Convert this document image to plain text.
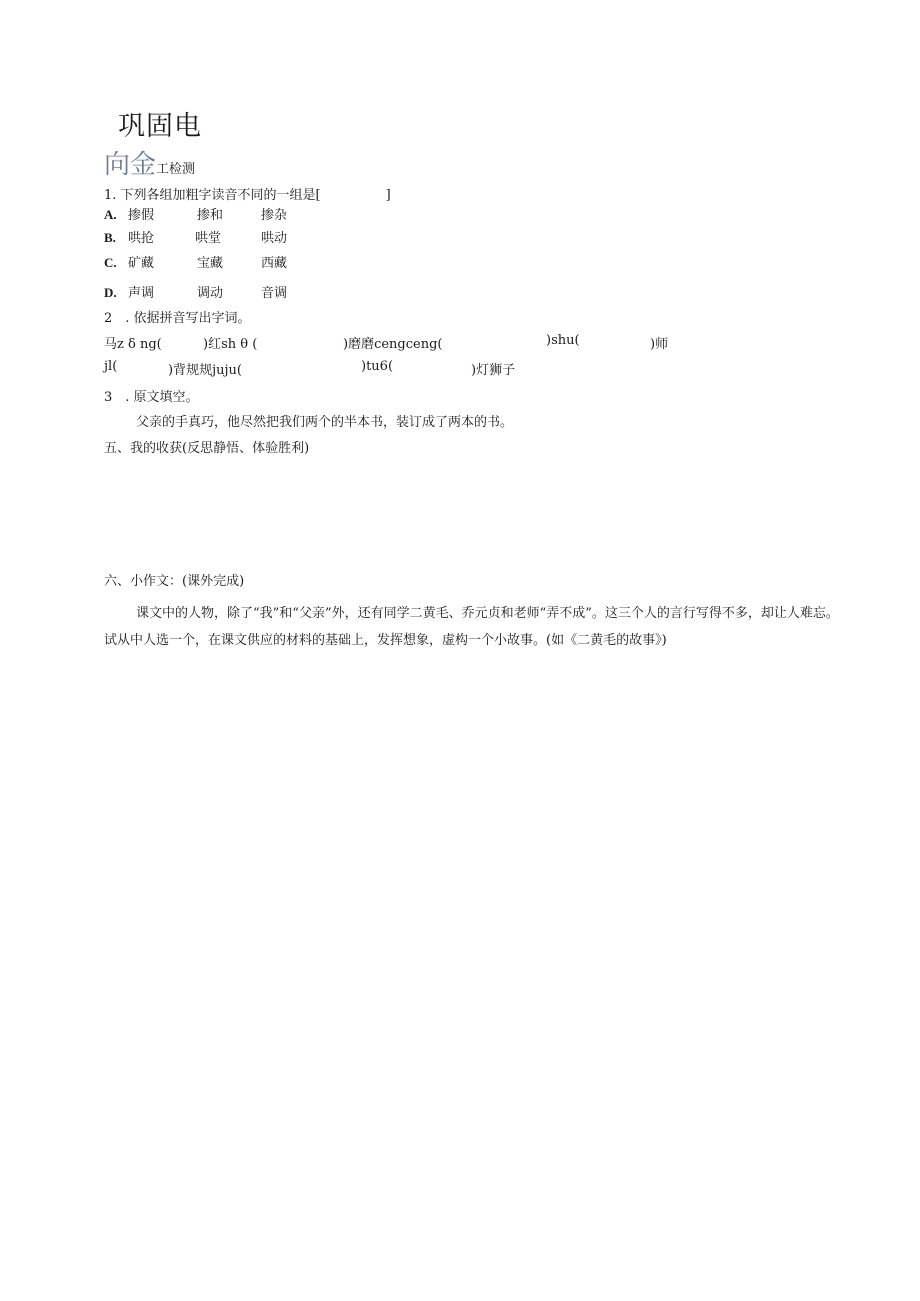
巩固电
向金工检测
1. 下列各组加粗字读音不同的一组是[　　　　　]
A. 掺假	掺和	掺杂
B. 哄抢	哄堂	哄动
C. 矿藏	宝藏	西藏
D. 声调	调动	音调
2　. 依据拼音写出字词。
马z δ ng(	)红sh θ (	)磨磨cengceng(	)shu(	)师
jl(	)背规规juju(	)tu6(	)灯狮子
3　. 原文填空。
父亲的手真巧，他尽然把我们两个的半本书，装订成了两本的书。
五、我的收获(反思静悟、体验胜利)
六、小作文：(课外完成)
课文中的人物，除了“我”和“父亲”外，还有同学二黄毛、乔元贞和老师“弄不成”。这三个人的言行写得不多，却让人难忘。试从中人选一个，在课文供应的材料的基础上，发挥想象，虚构一个小故事。(如《二黄毛的故事》)
